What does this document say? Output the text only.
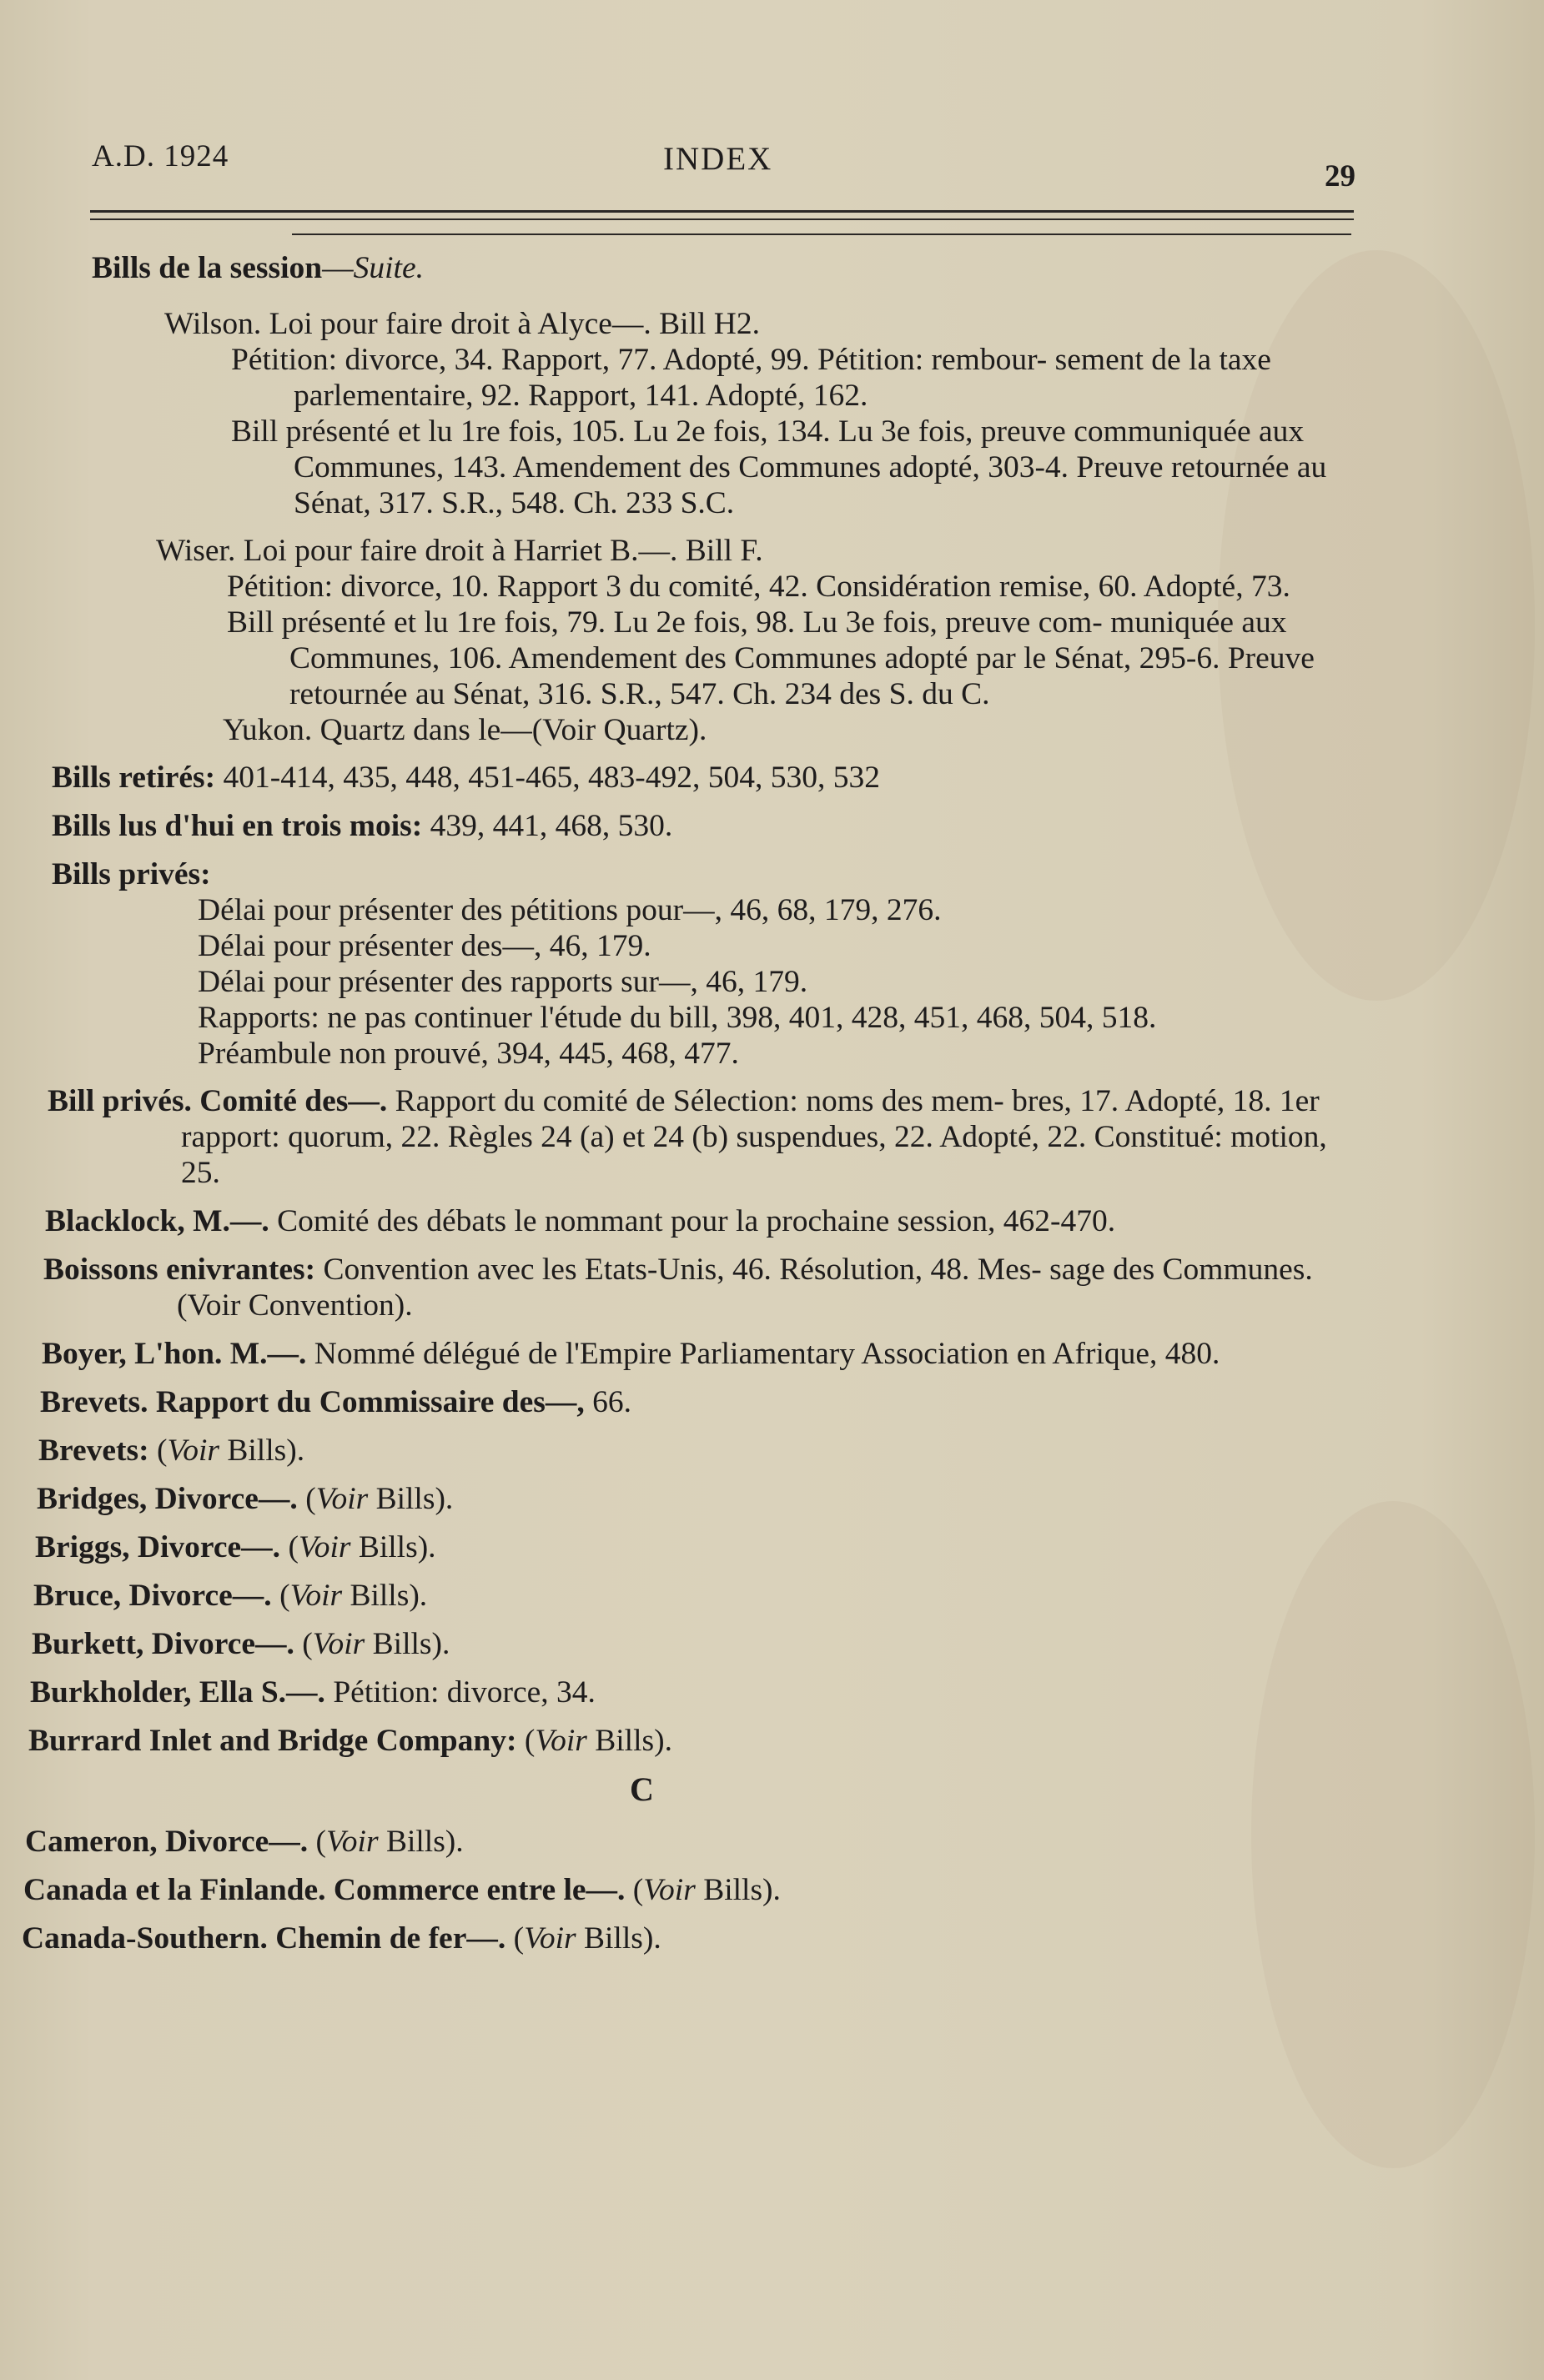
A.D. 1924	INDEX	29
Bills de la session—Suite.

Wilson. Loi pour faire droit à Alyce—. Bill H2.

Pétition: divorce, 34. Rapport, 77. Adopté, 99. Pétition: rembour- sement de la taxe parlementaire, 92. Rapport, 141. Adopté, 162.

Bill présenté et lu 1re fois, 105. Lu 2e fois, 134. Lu 3e fois, preuve communiquée aux Communes, 143. Amendement des Communes adopté, 303-4. Preuve retournée au Sénat, 317. S.R., 548. Ch. 233 S.C.

Wiser. Loi pour faire droit à Harriet B.—. Bill F.

Pétition: divorce, 10. Rapport 3 du comité, 42. Considération remise, 60. Adopté, 73.

Bill présenté et lu 1re fois, 79. Lu 2e fois, 98. Lu 3e fois, preuve com- muniquée aux Communes, 106. Amendement des Communes adopté par le Sénat, 295-6. Preuve retournée au Sénat, 316. S.R., 547. Ch. 234 des S. du C.

Yukon. Quartz dans le—(Voir Quartz).

Bills retirés: 401-414, 435, 448, 451-465, 483-492, 504, 530, 532
Bills lus d'hui en trois mois: 439, 441, 468, 530.
Bills privés:

Délai pour présenter des pétitions pour—, 46, 68, 179, 276.

Délai pour présenter des—, 46, 179.

Délai pour présenter des rapports sur—, 46, 179.

Rapports: ne pas continuer l'étude du bill, 398, 401, 428, 451, 468, 504, 518.

Préambule non prouvé, 394, 445, 468, 477.

Bill privés. Comité des—. Rapport du comité de Sélection: noms des mem- bres, 17. Adopté, 18. 1er rapport: quorum, 22. Règles 24 (a) et 24 (b) suspendues, 22. Adopté, 22. Constitué: motion, 25.
Blacklock, M.—. Comité des débats le nommant pour la prochaine session, 462-470.
Boissons enivrantes: Convention avec les Etats-Unis, 46. Résolution, 48. Mes- sage des Communes. (Voir Convention).
Boyer, L'hon. M.—. Nommé délégué de l'Empire Parliamentary Association en Afrique, 480.
Brevets. Rapport du Commissaire des—, 66.
Brevets: (Voir Bills).
Bridges, Divorce—. (Voir Bills).
Briggs, Divorce—. (Voir Bills).
Bruce, Divorce—. (Voir Bills).
Burkett, Divorce—. (Voir Bills).
Burkholder, Ella S.—. Pétition: divorce, 34.
Burrard Inlet and Bridge Company: (Voir Bills).
C
Cameron, Divorce—. (Voir Bills).
Canada et la Finlande. Commerce entre le—. (Voir Bills).
Canada-Southern. Chemin de fer—. (Voir Bills).
